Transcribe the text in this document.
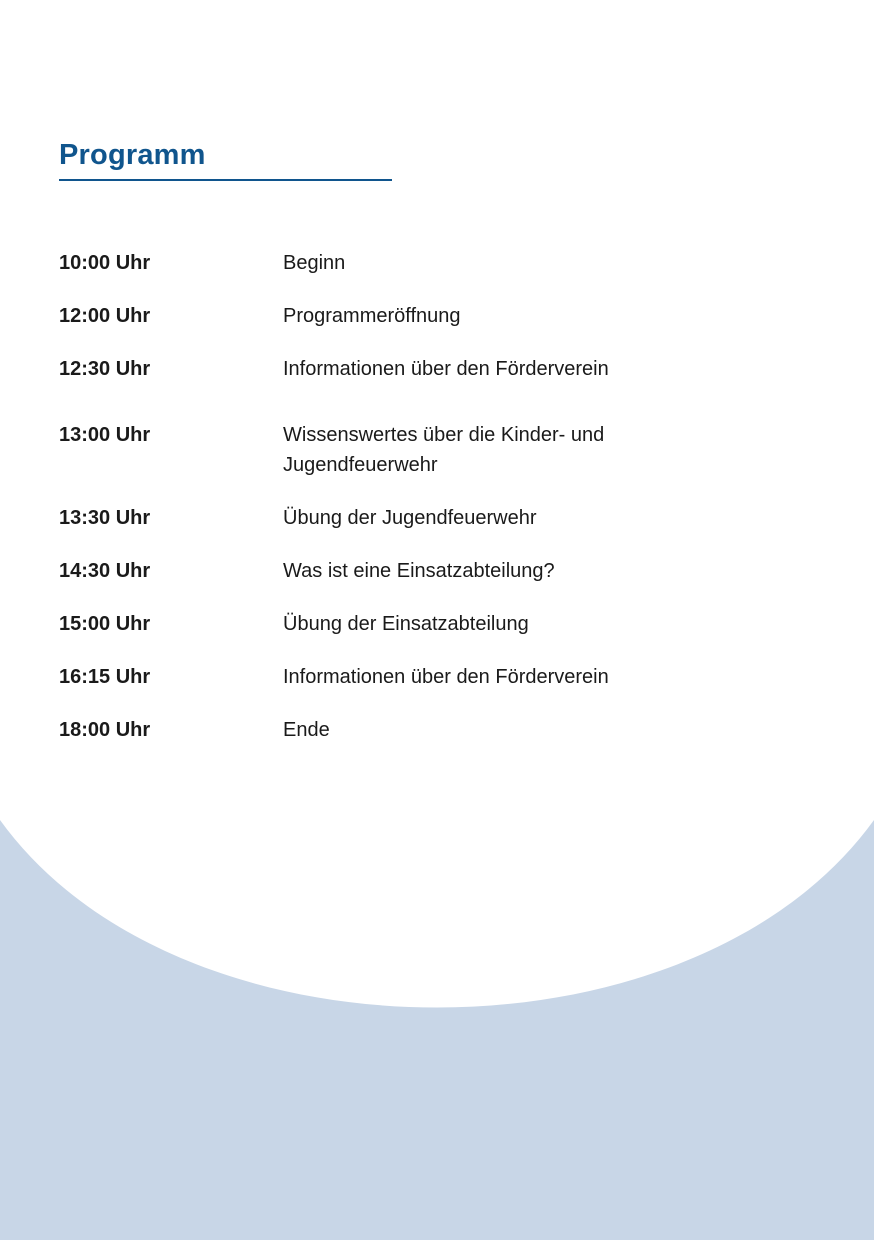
Programm
10:00 Uhr	Beginn
12:00 Uhr	Programmeröffnung
12:30 Uhr	Informationen über den Förderverein
13:00 Uhr	Wissenswertes über die Kinder- und Jugendfeuerwehr
13:30 Uhr	Übung der Jugendfeuerwehr
14:30 Uhr	Was ist eine Einsatzabteilung?
15:00 Uhr	Übung der Einsatzabteilung
16:15 Uhr	Informationen über den Förderverein
18:00 Uhr	Ende
